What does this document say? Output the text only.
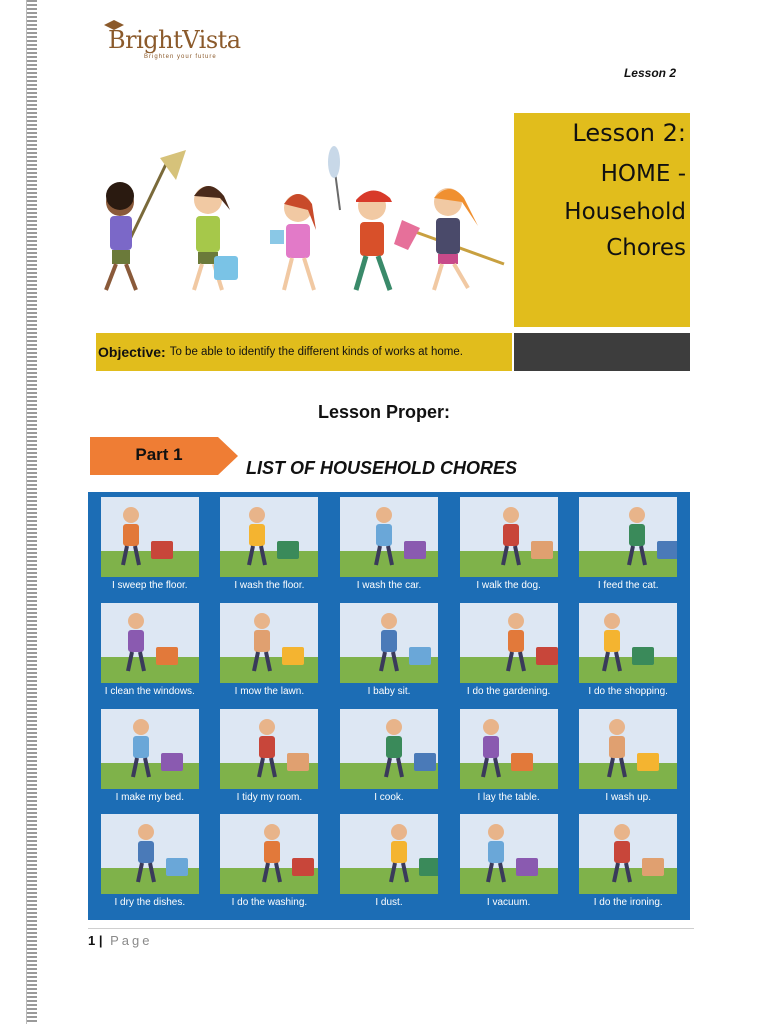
BrightVista
Brighten your future
Lesson 2
Lesson 2:
HOME -
Household
Chores
Objective: To be able to identify the different kinds of works at home.
Lesson Proper:
Part 1
LIST OF HOUSEHOLD CHORES
I sweep the floor.	I wash the floor.	I wash the car.	I walk the dog.	I feed the cat.
I clean the windows.	I mow the lawn.	I baby sit.	I do the gardening.	I do the shopping.
I make my bed.	I tidy my room.	I cook.	I lay the table.	I wash up.
I dry the dishes.	I do the washing.	I dust.	I vacuum.	I do the ironing.
1 | Page
